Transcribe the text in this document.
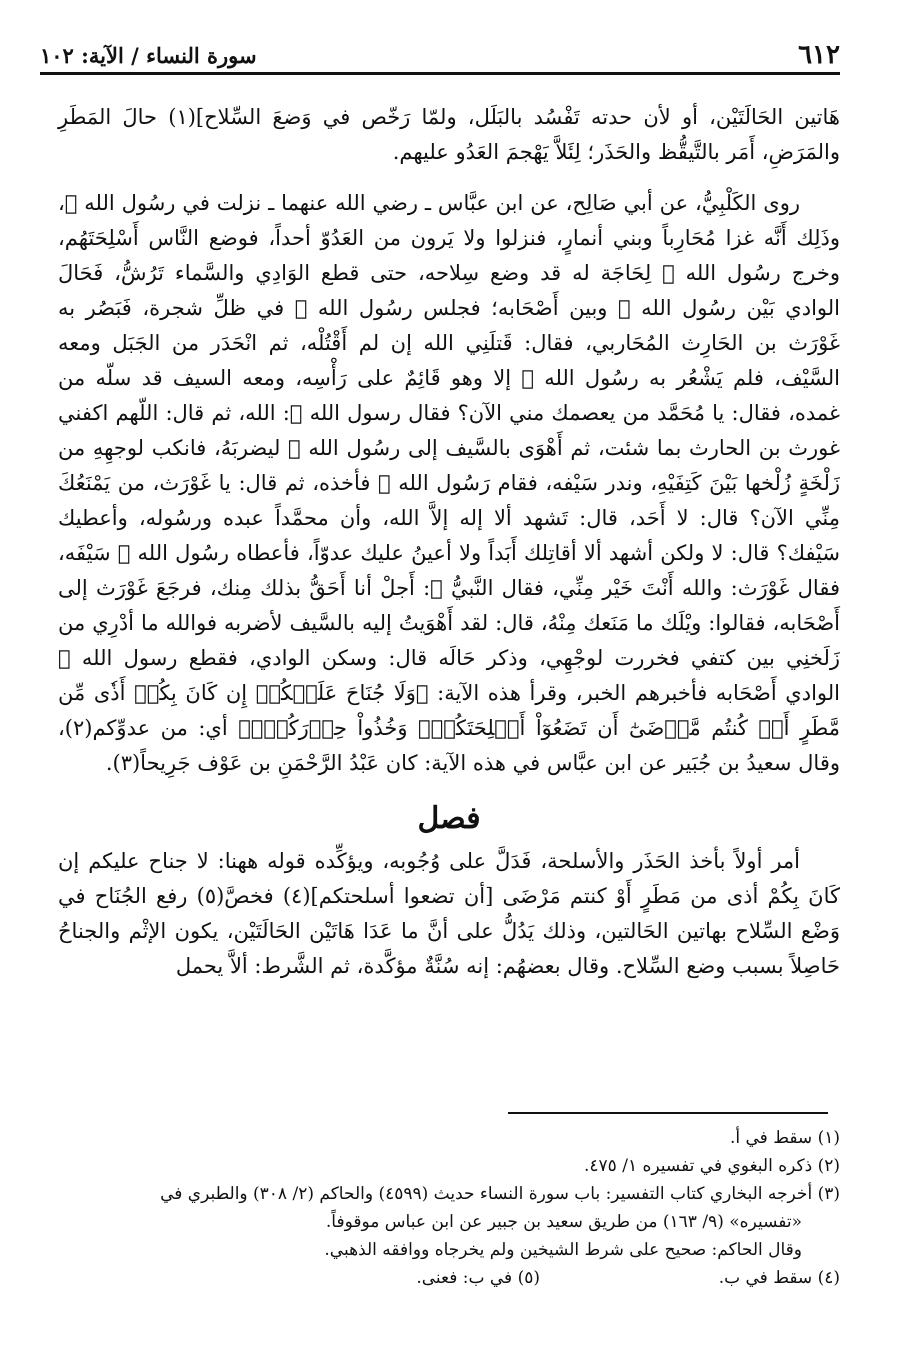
سورة النساء / الآية: ١٠٢	٦١٢

هَاتين الحَالَتَيْن، أو لأن حدته تَفْسُد بالبَلَل، ولمّا رَخّص في وَضعَ السِّلاح](١) حالَ المَطَرِ والمَرَضِ، أَمَر بالتَّيقُّظ والحَذَر؛ لِئَلاَّ يَهْجمَ العَدُو عليهم.

روى الكَلْبِيُّ، عن أبي صَالِح، عن ابن عبَّاس ـ رضي الله عنهما ـ نزلت في رسُول الله ﷺ، وذَلِك أَنَّه غزا مُحَارِباً وبني أنمارٍ، فنزلوا ولا يَرون من العَدُوّ أحداً، فوضع النَّاس أَسْلِحَتَهُم، وخرج رسُول الله ﷺ لِحَاجَة له قد وضع سِلاحه، حتى قطع الوَادِي والسَّماء تَرُشُّ، فَحَالَ الوادي بَيْن رسُول الله ﷺ وبين أَصْحَابه؛ فجلس رسُول الله ﷺ في ظلِّ شجرة، فَبَصُر به غَوْرَث بن الحَارِث المُحَاربي، فقال: قَتلَنِي الله إن لم أَقْتُلْه، ثم انْحَدَر من الجَبَل ومعه السَّيْف، فلم يَشْعُر به رسُول الله ﷺ إلا وهو قَائِمٌ على رَأْسِه، ومعه السيف قد سلّه من غمده، فقال: يا مُحَمَّد من يعصمك مني الآن؟ فقال رسول الله ﷺ: الله، ثم قال: اللّهم اكفني غورث بن الحارث بما شئت، ثم أَهْوَى بالسَّيف إلى رسُول الله ﷺ ليضربَهُ، فانكب لوجهِهِ من زَلْخَةٍ زُلْخها بَيْنَ كَتِفَيْهِ، وندر سَيْفه، فقام رَسُول الله ﷺ فأخذه، ثم قال: يا غَوْرَث، من يَمْنَعُكَ مِنِّي الآن؟ قال: لا أَحَد، قال: تَشهد ألا إله إلاَّ الله، وأن محمَّداً عبده ورسُوله، وأعطيك سَيْفك؟ قال: لا ولكن أشهد ألا أقاتِلك أَبَداً ولا أعينُ عليك عدوّاً، فأعطاه رسُول الله ﷺ سَيْفَه، فقال غَوْرَث: والله أَنْتَ خَيْر مِنِّي، فقال النَّبيُّ ﷺ: أَجلْ أنا أَحَقُّ بذلك مِنك، فرجَعَ غَوْرَث إلى أَصْحَابه، فقالوا: ويْلَك ما مَنَعك مِنْهُ، قال: لقد أَهْوَيتُ إليه بالسَّيف لأضربه فوالله ما أدْرِي من زَلَخنِي بين كتفي فخررت لوجْهِي، وذكر حَالَه قال: وسكن الوادي، فقطع رسول الله ﷺ الوادي أَصْحَابه فأخبرهم الخبر، وقرأ هذه الآية: ﴿وَلَا جُنَاحَ عَلَيۡكُمۡ إِن كَانَ بِكُمۡ أَذٗى مِّن مَّطَرٍ أَوۡ كُنتُم مَّرۡضَىٰٓ أَن تَضَعُوٓاْ أَسۡلِحَتَكُمۡۖ وَخُذُواْ حِذۡرَكُمۡۗ﴾ أي: من عدوِّكم(٢)، وقال سعيدُ بن جُبَير عن ابن عبَّاس في هذه الآية: كان عَبْدُ الرَّحْمَنِ بن عَوْف جَرِيحاً(٣).

فصل

أمر أولاً بأخذ الحَذَر والأسلحة، فَدَلَّ على وُجُوبه، ويؤكِّده قوله ههنا: لا جناح عليكم إن كَانَ بِكُمْ أذى من مَطَرٍ أَوْ كنتم مَرْضَى [أن تضعوا أسلحتكم](٤) فخصَّ(٥) رفع الجُنَاح في وَضْع السِّلاح بهاتين الحَالتين، وذلك يَدُلُّ على أنَّ ما عَدَا هَاتَيْن الحَالَتَيْن، يكون الإثْم والجناحُ حَاصِلاً بسبب وضع السِّلاح. وقال بعضهُم: إنه سُنَّةٌ مؤكَّدة، ثم الشَّرط: ألاَّ يحمل

(١) سقط في أ.

(٢) ذكره البغوي في تفسيره ١/ ٤٧٥.

(٣) أخرجه البخاري كتاب التفسير: باب سورة النساء حديث (٤٥٩٩) والحاكم (٢/ ٣٠٨) والطبري في

«تفسيره» (٩/ ١٦٣) من طريق سعيد بن جبير عن ابن عباس موقوفاً.

وقال الحاكم: صحيح على شرط الشيخين ولم يخرجاه ووافقه الذهبي.

(٤) سقط في ب.
(٥) في ب: فعنى.
